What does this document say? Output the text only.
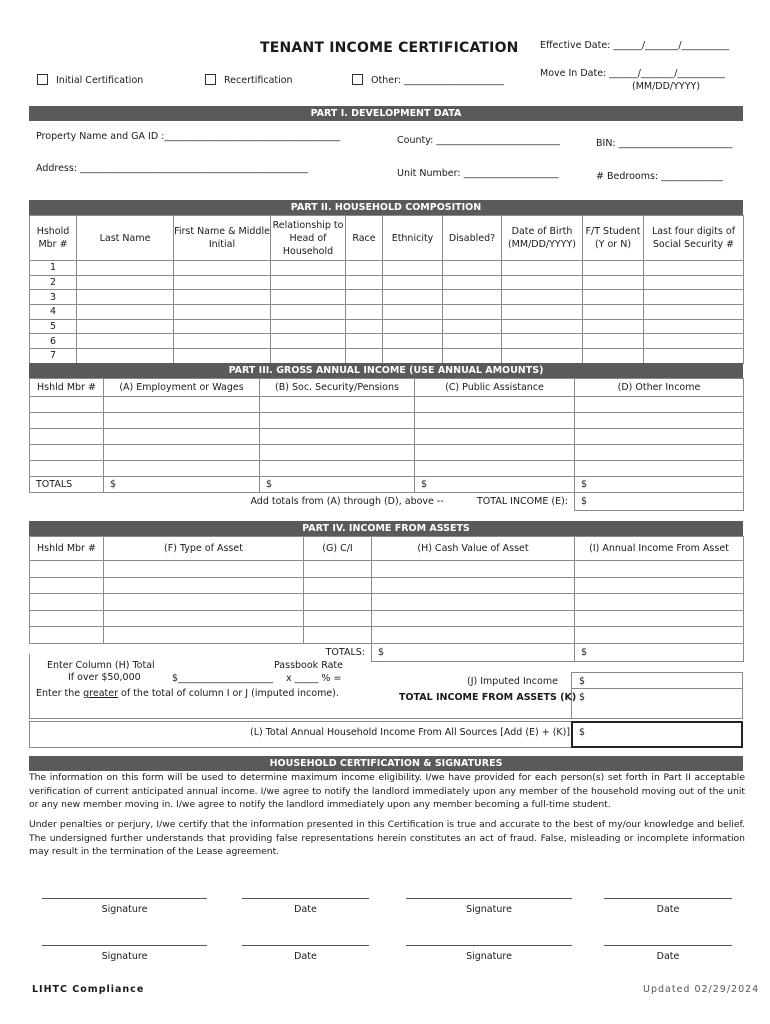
TENANT INCOME CERTIFICATION Effective Date: ______/_______/__________
Move In Date: ______/_______/__________
(MM/DD/YYYY)
Initial Certification	Recertification	Other: _____________________
PART I. DEVELOPMENT DATA
Property Name and GA ID :_____________________________________	County: __________________________	BIN: ________________________
Address: ________________________________________________	Unit Number: ____________________	# Bedrooms: _____________
PART II. HOUSEHOLD COMPOSITION
Hshold Mbr #	Last Name	First Name & Middle Initial	Relationship to Head of Household	Race	Ethnicity	Disabled?	Date of Birth (MM/DD/YYYY)	F/T Student (Y or N)	Last four digits of Social Security #
1									
2									
3									
4									
5									
6									
7									
PART III. GROSS ANNUAL INCOME (USE ANNUAL AMOUNTS)
Hshld Mbr #	(A) Employment or Wages	(B) Soc. Security/Pensions	(C) Public Assistance	(D) Other Income

TOTALS	$	$	$	$
	Add totals from (A) through (D), above -- TOTAL INCOME (E):			$
PART IV. INCOME FROM ASSETS
Hshld Mbr #	(F) Type of Asset	(G) C/I	(H) Cash Value of Asset	(I) Annual Income From Asset

TOTALS:			$	$
Enter Column (H) Total
If over $50,000	$____________________
Passbook Rate
x _____ % =	(J) Imputed Income $
Enter the greater of the total of column I or J (imputed income).	TOTAL INCOME FROM ASSETS (K) $
$
(L) Total Annual Household Income From All Sources [Add (E) + (K)]
HOUSEHOLD CERTIFICATION & SIGNATURES
The information on this form will be used to determine maximum income eligibility. I/we have provided for each person(s) set forth in Part II acceptable verification of current anticipated annual income. I/we agree to notify the landlord immediately upon any member of the household moving out of the unit or any new member moving in. I/we agree to notify the landlord immediately upon any member becoming a full-time student.
Under penalties or perjury, I/we certify that the information presented in this Certification is true and accurate to the best of my/our knowledge and belief. The undersigned further understands that providing false representations herein constitutes an act of fraud. False, misleading or incomplete information may result in the termination of the Lease agreement.
Signature	Date	Signature	Date
Signature	Date	Signature	Date
LIHTC Compliance	Updated 02/29/2024
